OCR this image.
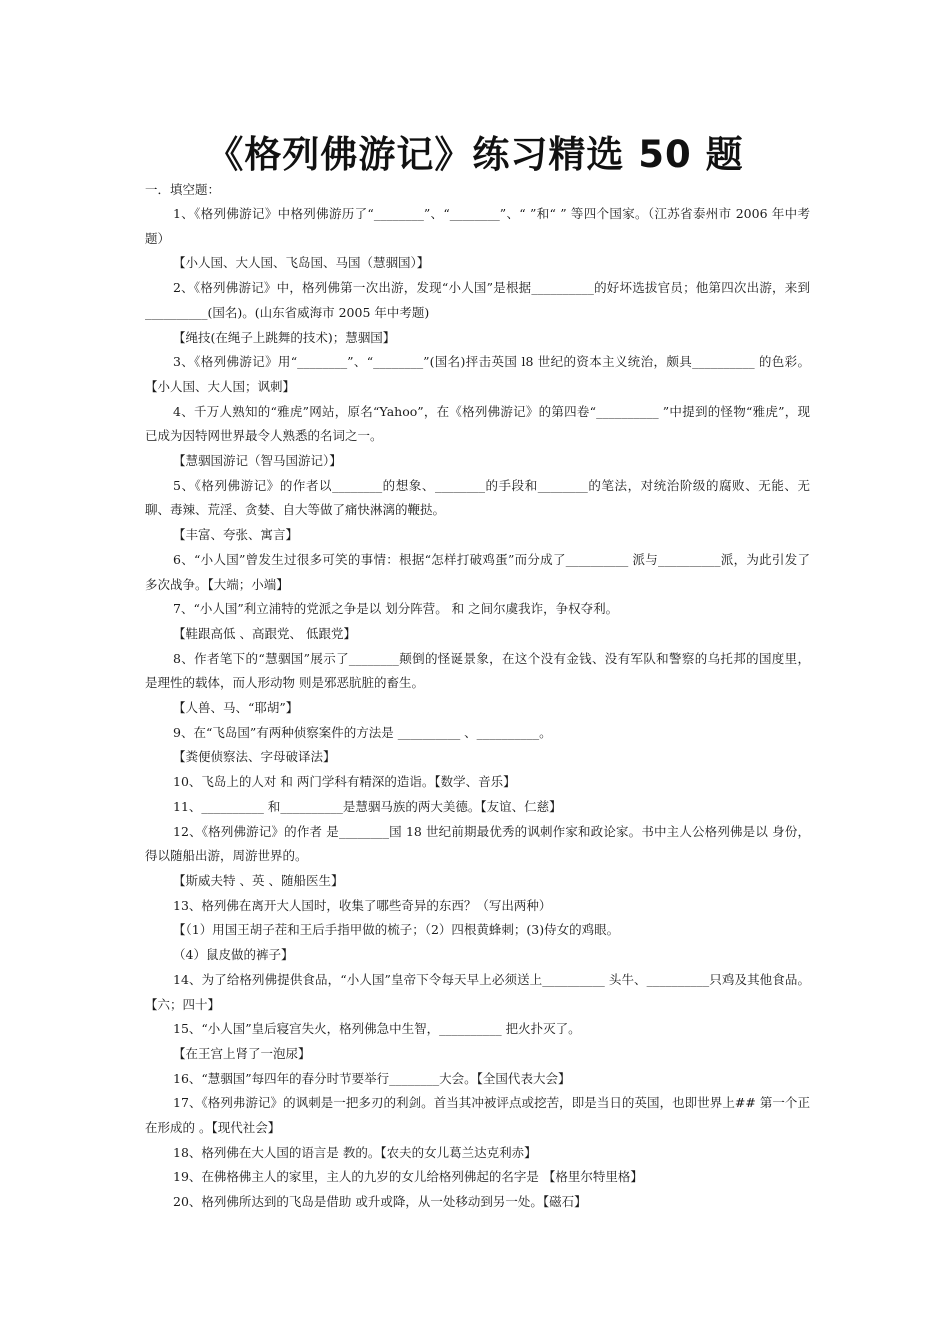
《格列佛游记》练习精选 50 题
一．填空题：

1、《格列佛游记》中格列佛游历了“________”、“________”、“ ”和“ ” 等四个国家。（江苏省泰州市 2006 年中考题）

【小人国、大人国、飞岛国、马国（慧骃国）】

2、《格列佛游记》中，格列佛第一次出游，发现“小人国”是根据__________的好坏选拔官员；他第四次出游，来到__________(国名)。(山东省威海市 2005 年中考题)

【绳技(在绳子上跳舞的技术)；慧骃国】

3、《格列佛游记》用“________”、“________”(国名)抨击英国 l8 世纪的资本主义统治，颇具__________ 的色彩。【小人国、大人国；讽刺】

4、千万人熟知的“雅虎”网站，原名“Yahoo”，在《格列佛游记》的第四卷“__________ ”中提到的怪物“雅虎”，现已成为因特网世界最令人熟悉的名词之一。

【慧骃国游记（智马国游记）】

5、《格列佛游记》的作者以________的想象、________的手段和________的笔法，对统治阶级的腐败、无能、无聊、毒辣、荒淫、贪婪、自大等做了痛快淋漓的鞭挞。

【丰富、夸张、寓言】

6、“小人国”曾发生过很多可笑的事情：根据“怎样打破鸡蛋”而分成了__________ 派与__________派，为此引发了多次战争。【大端；小端】

7、“小人国”利立浦特的党派之争是以 划分阵营。 和 之间尔虞我诈，争权夺利。

【鞋跟高低 、高跟党、 低跟党】

8、作者笔下的“慧骃国”展示了________颠倒的怪诞景象，在这个没有金钱、没有军队和警察的乌托邦的国度里， 是理性的载体，而人形动物 则是邪恶肮脏的畜生。

【人兽、马、“耶胡”】

9、在“飞岛国”有两种侦察案件的方法是 __________ 、__________。

【粪便侦察法、字母破译法】

10、飞岛上的人对 和 两门学科有精深的造诣。【数学、音乐】

11、__________ 和__________是慧骃马族的两大美德。【友谊、仁慈】

12、《格列佛游记》的作者 是________国 18 世纪前期最优秀的讽刺作家和政论家。书中主人公格列佛是以 身份，得以随船出游，周游世界的。

【斯威夫特 、英 、随船医生】

13、格列佛在离开大人国时，收集了哪些奇异的东西？（写出两种）

【（1）用国王胡子茬和王后手指甲做的梳子；（2）四根黄蜂刺；(3)侍女的鸡眼。

（4）鼠皮做的裤子】

14、为了给格列佛提供食品，“小人国”皇帝下令每天早上必须送上__________ 头牛、__________只鸡及其他食品。【六；四十】

15、“小人国”皇后寝宫失火，格列佛急中生智，__________ 把火扑灭了。

【在王宫上肾了一泡尿】

16、“慧骃国”每四年的春分时节要举行________大会。【全国代表大会】

17、《格列弗游记》的讽刺是一把多刃的利剑。首当其冲被评点或挖苦，即是当日的英国，也即世界上## 第一个正在形成的 。【现代社会】

18、格列佛在大人国的语言是 教的。【农夫的女儿葛兰达克利赤】

19、在佛格佛主人的家里，主人的九岁的女儿给格列佛起的名字是 【格里尔特里格】

20、格列佛所达到的飞岛是借助 或升或降，从一处移动到另一处。【磁石】
